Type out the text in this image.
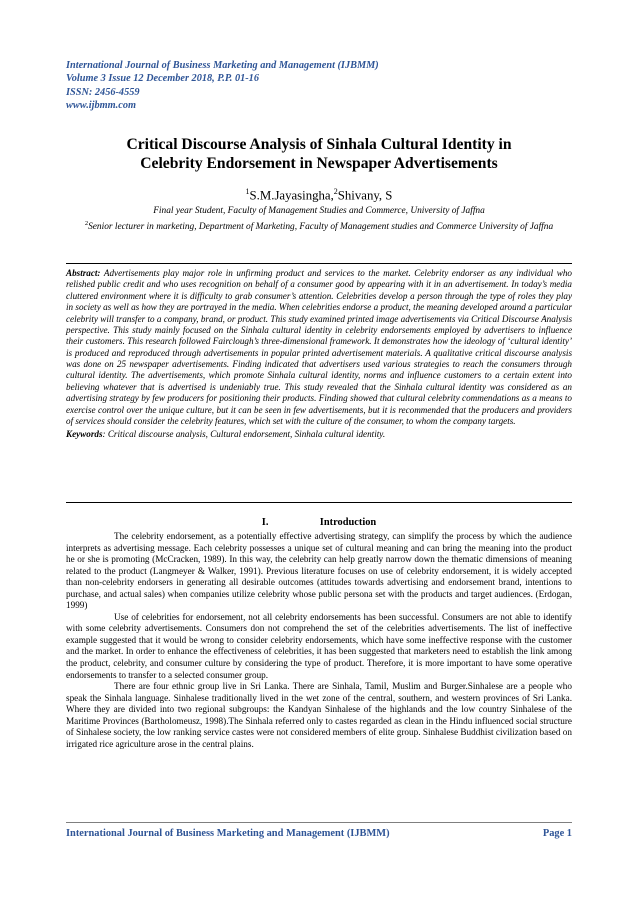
International Journal of Business Marketing and Management (IJBMM)
Volume 3 Issue 12 December 2018, P.P. 01-16
ISSN: 2456-4559
www.ijbmm.com
Critical Discourse Analysis of Sinhala Cultural Identity in
Celebrity Endorsement in Newspaper Advertisements
$^1$S.M.Jayasingha,$^2$Shivany, S
Final year Student, Faculty of Management Studies and Commerce, University of Jaffna
$^2$Senior lecturer in marketing, Department of Marketing, Faculty of Management studies and Commerce University of Jaffna
Abstract: Advertisements play major role in unfirming product and services to the market. Celebrity endorser as any individual who relished public credit and who uses recognition on behalf of a consumer good by appearing with it in an advertisement. In today’s media cluttered environment where it is difficulty to grab consumer’s attention. Celebrities develop a person through the type of roles they play in society as well as how they are portrayed in the media. When celebrities endorse a product, the meaning developed around a particular celebrity will transfer to a company, brand, or product. This study examined printed image advertisements via Critical Discourse Analysis perspective. This study mainly focused on the Sinhala cultural identity in celebrity endorsements employed by advertisers to influence their customers. This research followed Fairclough’s three-dimensional framework. It demonstrates how the ideology of ‘cultural identity’ is produced and reproduced through advertisements in popular printed advertisement materials. A qualitative critical discourse analysis was done on 25 newspaper advertisements. Finding indicated that advertisers used various strategies to reach the consumers through cultural identity. The advertisements, which promote Sinhala cultural identity, norms and influence customers to a certain extent into believing whatever that is advertised is undeniably true. This study revealed that the Sinhala cultural identity was considered as an advertising strategy by few producers for positioning their products. Finding showed that cultural celebrity commendations as a means to exercise control over the unique culture, but it can be seen in few advertisements, but it is recommended that the producers and providers of services should consider the celebrity features, which set with the culture of the consumer, to whom the company targets.
Keywords: Critical discourse analysis, Cultural endorsement, Sinhala cultural identity.
I.	Introduction

The celebrity endorsement, as a potentially effective advertising strategy, can simplify the process by which the audience interprets as advertising message. Each celebrity possesses a unique set of cultural meaning and can bring the meaning into the product he or she is promoting (McCracken, 1989). In this way, the celebrity can help greatly narrow down the thematic dimensions of meaning related to the product (Langmeyer & Walker, 1991). Previous literature focuses on use of celebrity endorsement, it is widely accepted than non-celebrity endorsers in generating all desirable outcomes (attitudes towards advertising and endorsement brand, intentions to purchase, and actual sales) when companies utilize celebrity whose public persona set with the products and target audiences. (Erdogan, 1999)

Use of celebrities for endorsement, not all celebrity endorsements has been successful. Consumers are not able to identify with some celebrity advertisements. Consumers don not comprehend the set of the celebrities advertisements. The list of ineffective example suggested that it would be wrong to consider celebrity endorsements, which have some ineffective response with the customer and the market. In order to enhance the effectiveness of celebrities, it has been suggested that marketers need to establish the link among the product, celebrity, and consumer culture by considering the type of product. Therefore, it is more important to have some operative endorsements to transfer to a selected consumer group.

There are four ethnic group live in Sri Lanka. There are Sinhala, Tamil, Muslim and Burger.Sinhalese are a people who speak the Sinhala language. Sinhalese traditionally lived in the wet zone of the central, southern, and western provinces of Sri Lanka. Where they are divided into two regional subgroups: the Kandyan Sinhalese of the highlands and the low country Sinhalese of the Maritime Provinces (Bartholomeusz, 1998).The Sinhala referred only to castes regarded as clean in the Hindu influenced social structure of Sinhalese society, the low ranking service castes were not considered members of elite group. Sinhalese Buddhist civilization based on irrigated rice agriculture arose in the central plains.

International Journal of Business Marketing and Management (IJBMM)	Page 1
